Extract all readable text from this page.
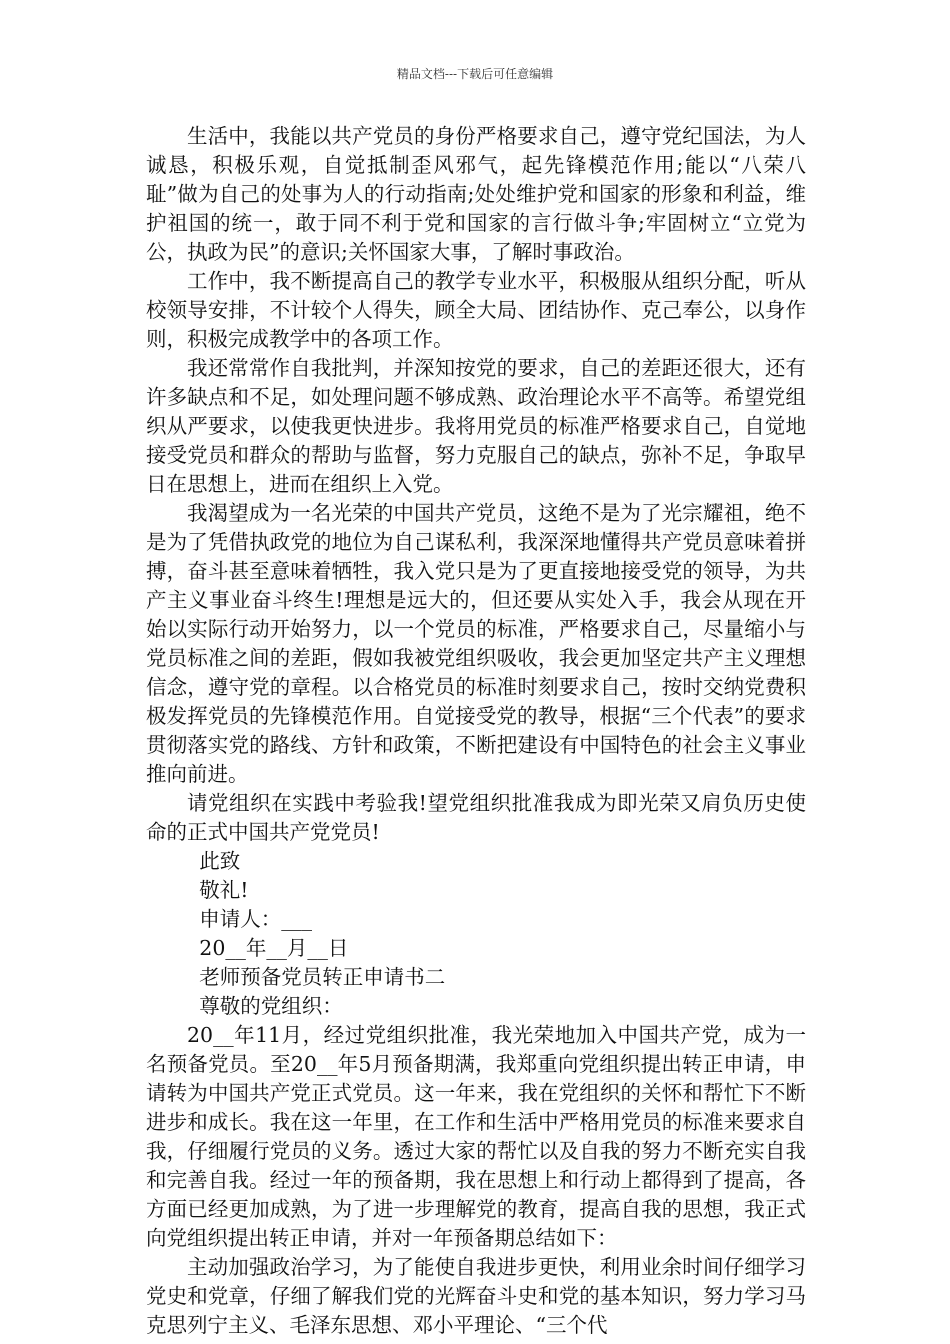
精品文档---下载后可任意编辑

生活中，我能以共产党员的身份严格要求自己，遵守党纪国法，为人诚恳，积极乐观，自觉抵制歪风邪气，起先锋模范作用;能以“八荣八耻”做为自己的处事为人的行动指南;处处维护党和国家的形象和利益，维护祖国的统一，敢于同不利于党和国家的言行做斗争;牢固树立“立党为公，执政为民”的意识;关怀国家大事，了解时事政治。

工作中，我不断提高自己的教学专业水平，积极服从组织分配，听从校领导安排，不计较个人得失，顾全大局、团结协作、克己奉公，以身作则，积极完成教学中的各项工作。

我还常常作自我批判，并深知按党的要求，自己的差距还很大，还有许多缺点和不足，如处理问题不够成熟、政治理论水平不高等。希望党组织从严要求，以使我更快进步。我将用党员的标准严格要求自己，自觉地接受党员和群众的帮助与监督，努力克服自己的缺点，弥补不足，争取早日在思想上，进而在组织上入党。

我渴望成为一名光荣的中国共产党员，这绝不是为了光宗耀祖，绝不是为了凭借执政党的地位为自己谋私利，我深深地懂得共产党员意味着拼搏，奋斗甚至意味着牺牲，我入党只是为了更直接地接受党的领导，为共产主义事业奋斗终生!理想是远大的，但还要从实处入手，我会从现在开始以实际行动开始努力，以一个党员的标准，严格要求自己，尽量缩小与党员标准之间的差距，假如我被党组织吸收，我会更加坚定共产主义理想信念，遵守党的章程。以合格党员的标准时刻要求自己，按时交纳党费积极发挥党员的先锋模范作用。自觉接受党的教导，根据“三个代表”的要求贯彻落实党的路线、方针和政策，不断把建设有中国特色的社会主义事业推向前进。

请党组织在实践中考验我!望党组织批准我成为即光荣又肩负历史使命的正式中国共产党党员!

此致

敬礼!

申请人：___

20__年__月__日

老师预备党员转正申请书二

尊敬的党组织：

20__年11月，经过党组织批准，我光荣地加入中国共产党，成为一名预备党员。至20__年5月预备期满，我郑重向党组织提出转正申请，申请转为中国共产党正式党员。这一年来，我在党组织的关怀和帮忙下不断进步和成长。我在这一年里，在工作和生活中严格用党员的标准来要求自我，仔细履行党员的义务。透过大家的帮忙以及自我的努力不断充实自我和完善自我。经过一年的预备期，我在思想上和行动上都得到了提高，各方面已经更加成熟，为了进一步理解党的教育，提高自我的思想，我正式向党组织提出转正申请，并对一年预备期总结如下：

主动加强政治学习，为了能使自我进步更快，利用业余时间仔细学习党史和党章，仔细了解我们党的光辉奋斗史和党的基本知识，努力学习马克思列宁主义、毛泽东思想、邓小平理论、“三个代
